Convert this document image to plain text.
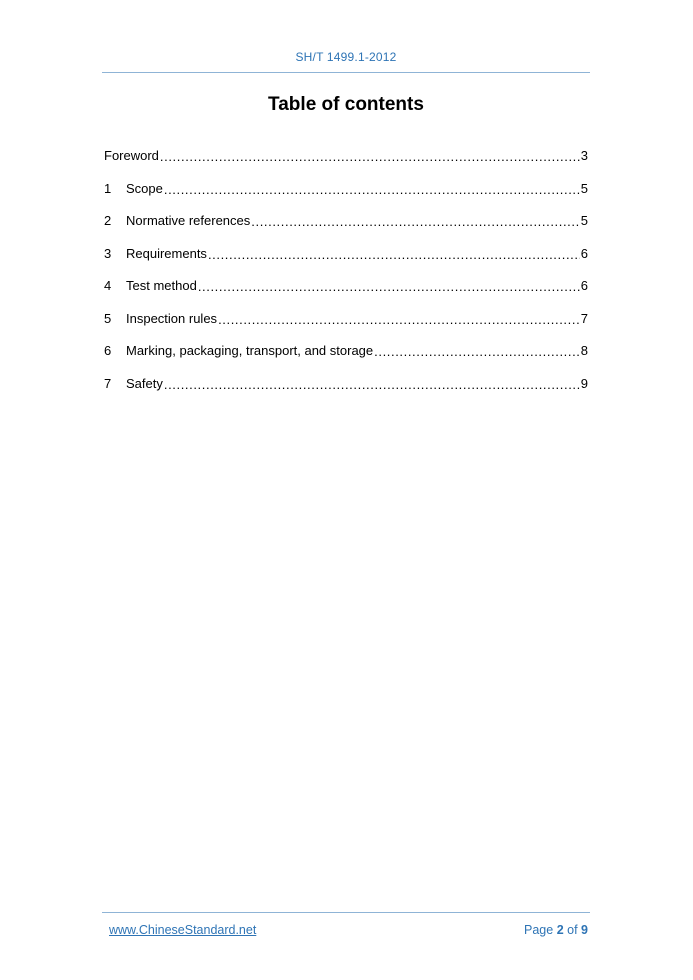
SH/T 1499.1-2012
Table of contents
Foreword .....	3
1	Scope .....	5
2	Normative references .....	5
3	Requirements .....	6
4	Test method .....	6
5	Inspection rules .....	7
6	Marking, packaging, transport, and storage .....	8
7	Safety .....	9
www.ChineseStandard.net	Page 2 of 9
